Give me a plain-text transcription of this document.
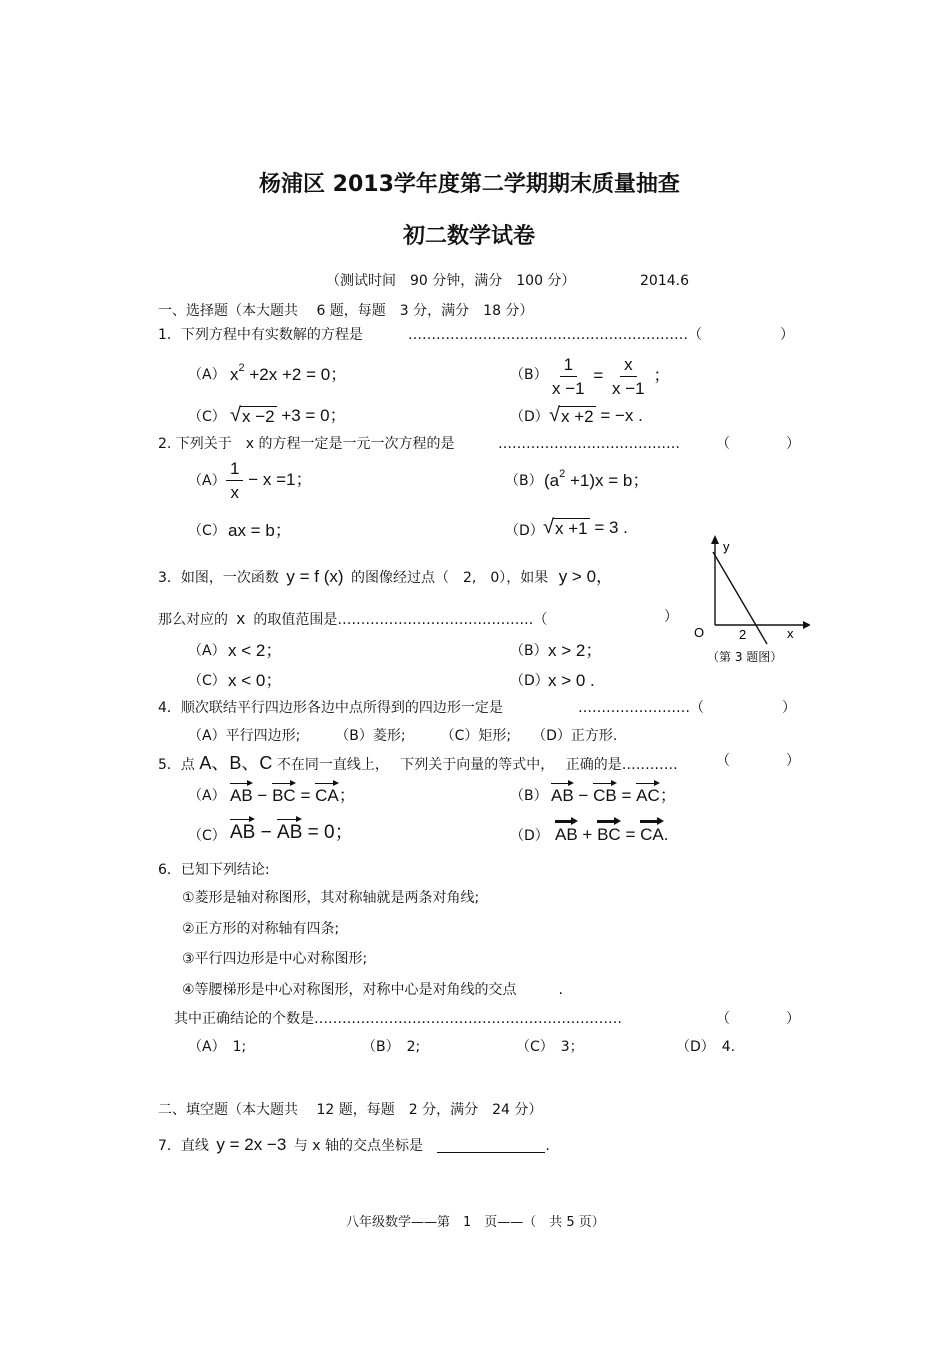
杨浦区 2013学年度第二学期期末质量抽查
初二数学试卷
（测试时间　90 分钟，满分　100 分）	2014.6
一、选择题（本大题共　 6 题，每题　3 分，满分　18 分）
1．下列方程中有实数解的方程是	……………………………………………………（	）
（A） $x^2 +2x +2 = 0$；	$(B) \frac{1}{x -1} = \frac{x}{x -1}$ ；
（C） √ x −2 +3 = 0；	（D） √ x +2 = −x .
2. 下列关于　x 的方程一定是一元一次方程的是	…………………………………	（　　　　）
$(A) \frac{1}{x} - x =1$；	（B） $(a^2 +1)x = b$；
（C） ax = b；	（D） √ x +1 = 3 .
3．如图，一次函数 y = f (x) 的图像经过点（　2,　0），如果 y > 0，
那么对应的 x 的取值范围是……………………………………（	）
（A） x < 2；	（B） x > 2；
（C） x < 0；	（D） x > 0 .
y
x
O	2
（第 3 题图）
4．顺次联结平行四边形各边中点所得到的四边形一定是	……………………（	）
（A）平行四边形;　　　（B）菱形;　　　（C）矩形;　　（D）正方形.
5．点 A、B、C 不在同一直线上，　 下列关于向量的等式中，　 正确的是…………	（　　　　）
（A） AB − BC = CA；	（B） AB − CB = AC；
（C） AB − AB = 0；	（D） AB + BC = CA.
6．已知下列结论:
①菱形是轴对称图形，其对称轴就是两条对角线;
②正方形的对称轴有四条;
③平行四边形是中心对称图形;
④等腰梯形是中心对称图形，对称中心是对角线的交点　　　.
其中正确结论的个数是…………………………………………………………	（　　　　）
（A）　1;	（B）　2;	（C）　3；	（D）　4.
二、填空题（本大题共　 12 题，每题　2 分，满分　24 分）
7．直线 y = 2x −3 与 x 轴的交点坐标是	.
八年级数学——第　1　页——（　共 5 页）
